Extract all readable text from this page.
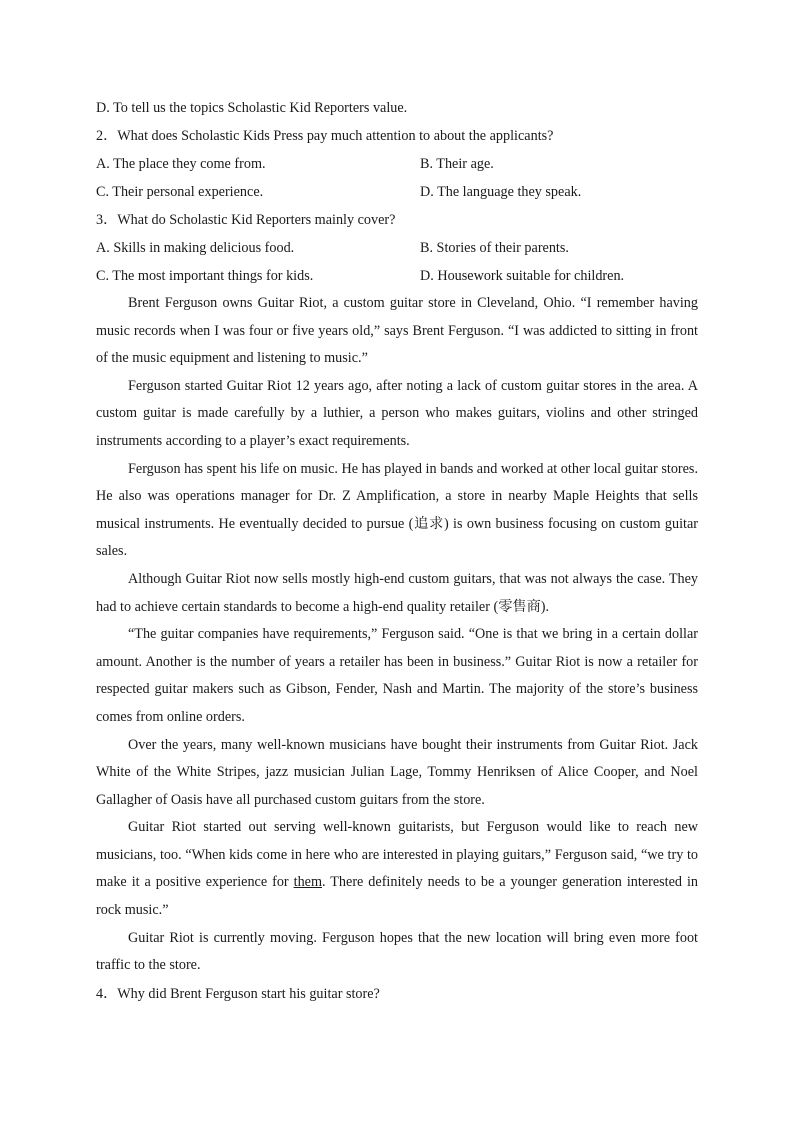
D. To tell us the topics Scholastic Kid Reporters value.
2．What does Scholastic Kids Press pay much attention to about the applicants?
A. The place they come from.	B. Their age.
C. Their personal experience.	D. The language they speak.
3．What do Scholastic Kid Reporters mainly cover?
A. Skills in making delicious food.	B. Stories of their parents.
C. The most important things for kids.	D. Housework suitable for children.

Brent Ferguson owns Guitar Riot, a custom guitar store in Cleveland, Ohio. “I remember having music records when I was four or five years old,” says Brent Ferguson. “I was addicted to sitting in front of the music equipment and listening to music.”

Ferguson started Guitar Riot 12 years ago, after noting a lack of custom guitar stores in the area. A custom guitar is made carefully by a luthier, a person who makes guitars, violins and other stringed instruments according to a player’s exact requirements.

Ferguson has spent his life on music. He has played in bands and worked at other local guitar stores. He also was operations manager for Dr. Z Amplification, a store in nearby Maple Heights that sells musical instruments. He eventually decided to pursue (追求) is own business focusing on custom guitar sales.

Although Guitar Riot now sells mostly high-end custom guitars, that was not always the case. They had to achieve certain standards to become a high-end quality retailer (零售商).

“The guitar companies have requirements,” Ferguson said. “One is that we bring in a certain dollar amount. Another is the number of years a retailer has been in business.” Guitar Riot is now a retailer for respected guitar makers such as Gibson, Fender, Nash and Martin. The majority of the store’s business comes from online orders.

Over the years, many well-known musicians have bought their instruments from Guitar Riot. Jack White of the White Stripes, jazz musician Julian Lage, Tommy Henriksen of Alice Cooper, and Noel Gallagher of Oasis have all purchased custom guitars from the store.

Guitar Riot started out serving well-known guitarists, but Ferguson would like to reach new musicians, too. “When kids come in here who are interested in playing guitars,” Ferguson said, “we try to make it a positive experience for them. There definitely needs to be a younger generation interested in rock music.”

Guitar Riot is currently moving. Ferguson hopes that the new location will bring even more foot traffic to the store.

4．Why did Brent Ferguson start his guitar store?
